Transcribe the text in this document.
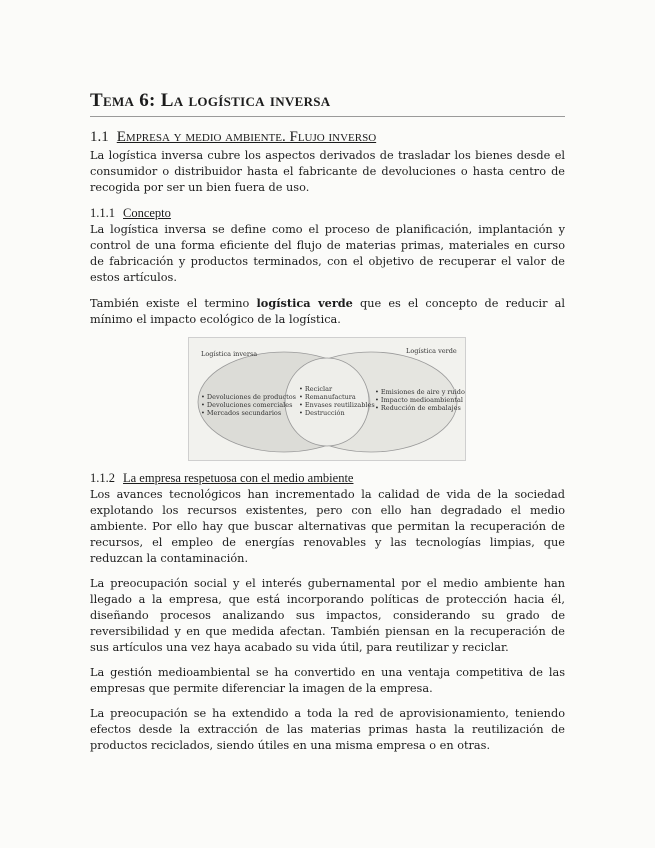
Tema 6: La logística inversa
1.1 Empresa y medio ambiente. Flujo inverso

La logística inversa cubre los aspectos derivados de trasladar los bienes desde el consumidor o distribuidor hasta el fabricante de devoluciones o hasta centro de recogida por ser un bien fuera de uso.

1.1.1 Concepto

La logística inversa se define como el proceso de planificación, implantación y control de una forma eficiente del flujo de materias primas, materiales en curso de fabricación y productos terminados, con el objetivo de recuperar el valor de estos artículos.

También existe el termino logística verde que es el concepto de reducir al mínimo el impacto ecológico de la logística.

Logística inversa	Logística verde
• Devoluciones de productos
• Devoluciones comerciales
• Mercados secundarios
• Reciclar
• Remanufactura
• Envases reutilizables
• Destrucción
• Emisiones de aire y ruido
• Impacto medioambiental
• Reducción de embalajes
1.1.2 La empresa respetuosa con el medio ambiente

Los avances tecnológicos han incrementado la calidad de vida de la sociedad explotando los recursos existentes, pero con ello han degradado el medio ambiente. Por ello hay que buscar alternativas que permitan la recuperación de recursos, el empleo de energías renovables y las tecnologías limpias, que reduzcan la contaminación.

La preocupación social y el interés gubernamental por el medio ambiente han llegado a la empresa, que está incorporando políticas de protección hacia él, diseñando procesos analizando sus impactos, considerando su grado de reversibilidad y en que medida afectan. También piensan en la recuperación de sus artículos una vez haya acabado su vida útil, para reutilizar y reciclar.

La gestión medioambiental se ha convertido en una ventaja competitiva de las empresas que permite diferenciar la imagen de la empresa.

La preocupación se ha extendido a toda la red de aprovisionamiento, teniendo efectos desde la extracción de las materias primas hasta la reutilización de productos reciclados, siendo útiles en una misma empresa o en otras.
